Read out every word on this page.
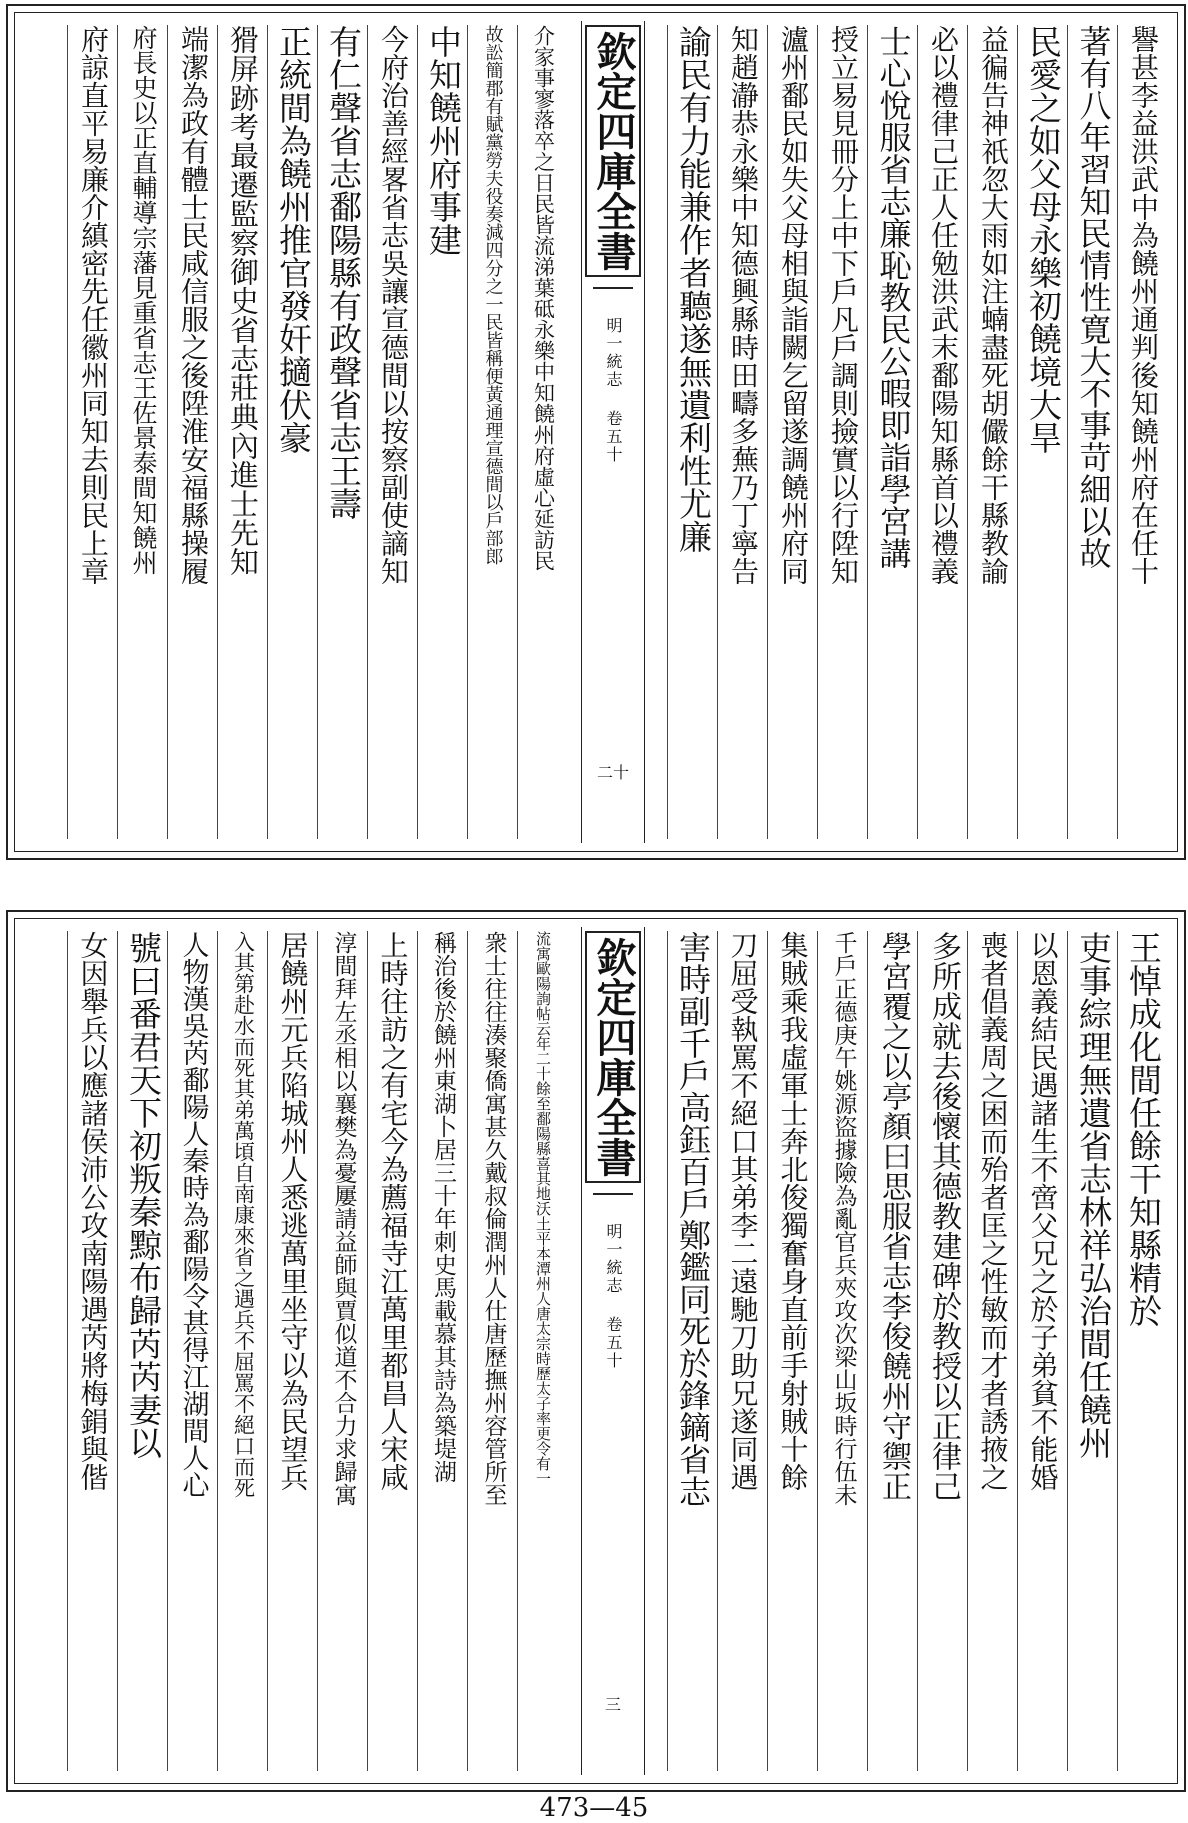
欽定四庫全書
明一統志 卷五十
二十
譽甚李益洪武中為饒州通判後知饒州府在任十
著有八年習知民情性寛大不事苛細以故
民愛之如父母永樂初饒境大旱
益徧告神祇忽大雨如注蝻盡死胡儼餘干縣教諭
必以禮律己正人任勉洪武末鄱陽知縣首以禮義
士心悅服省志廉恥教民公暇即詣學宮講
授立易見冊分上中下戶凡戶調則撿實以行陞知
瀘州鄱民如失父母相與詣闕乞留遂調饒州府同
知趙瀞恭永樂中知德興縣時田疇多蕪乃丁寧告
諭民有力能兼作者聽遂無遺利性尤廉
介家事寥落卒之日民皆流涕葉砥永樂中知饒州府虛心延訪民
故訟簡郡有賦黨勞夫役奏減四分之一民皆稱便黃通理宣德間以戶部郎
中知饒州府事建
今府治善經畧省志吳讓宣德間以按察副使謫知
有仁聲省志鄱陽縣有政聲省志王壽
正統間為饒州推官發奸擿伏豪
猾屏跡考最遷監察御史省志莊典內進士先知
端潔為政有體士民咸信服之後陞淮安福縣操履
府長史以正直輔導宗藩見重省志王佐景泰間知饒州
府諒直平易廉介縝密先任徽州同知去則民上章
欽定四庫全書
明一統志 卷五十
三
王悼成化間任餘干知縣精於
吏事綜理無遺省志林祥弘治間任饒州
以恩義結民遇諸生不啻父兄之於子弟貧不能婚
喪者倡義周之困而殆者匡之性敏而才者誘掖之
多所成就去後懷其德教建碑於教授以正律己
學宮覆之以亭顏曰思服省志李俊饒州守禦正
千戶正德庚午姚源盜據險為亂官兵夾攻次梁山坂時行伍未
集賊乘我虛軍士奔北俊獨奮身直前手射賊十餘
刀屈受執罵不絕口其弟李二遠馳刀助兄遂同遇
害時副千戶高鈺百戶鄭鑑同死於鋒鏑省志
流寓歐陽詢帖云年二十餘至鄱陽縣喜其地沃土平本潭州人唐太宗時歷太子率更令有一
衆士往往湊聚僑寓甚久戴叔倫潤州人仕唐歷撫州容管所至
稱治後於饒州東湖卜居三十年刺史馬載慕其詩為築堤湖
上時往訪之有宅今為薦福寺江萬里都昌人宋咸
淳間拜左丞相以襄樊為憂屢請益師與賈似道不合力求歸寓
居饒州元兵陷城州人悉逃萬里坐守以為民望兵
入其第赴水而死其弟萬頃自南康來省之遇兵不屈罵不絕口而死
人物漢吳芮鄱陽人秦時為鄱陽令甚得江湖間人心
號曰番君天下初叛秦黥布歸芮芮妻以
女因舉兵以應諸侯沛公攻南陽遇芮將梅鋗與偕
473—45
